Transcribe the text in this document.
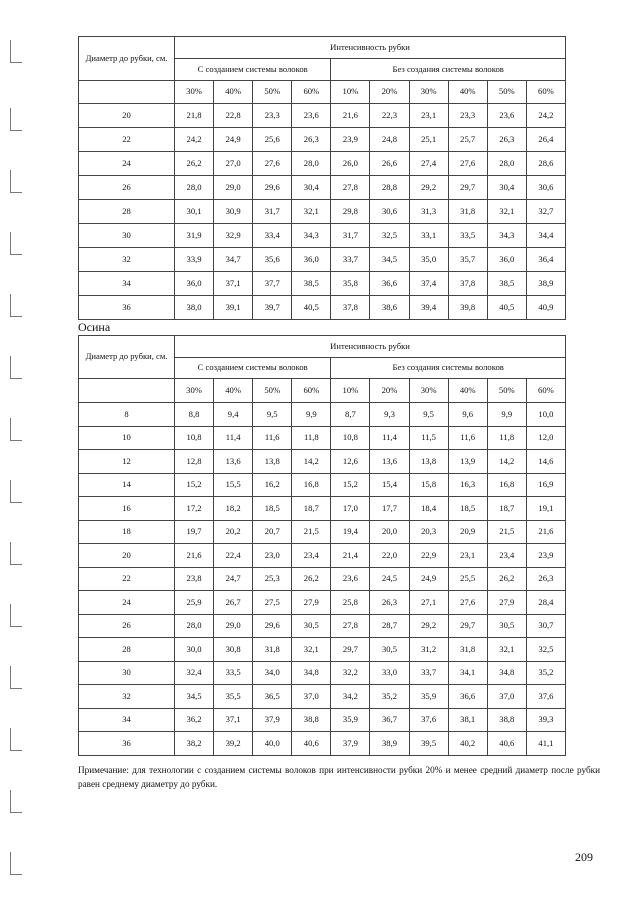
Диаметр до рубки, см.	Интенсивность рубки									
	С созданием системы волоков				Без создания системы волоков					
	30%	40%	50%	60%	10%	20%	30%	40%	50%	60%
20	21,8	22,8	23,3	23,6	21,6	22,3	23,1	23,3	23,6	24,2
22	24,2	24,9	25,6	26,3	23,9	24,8	25,1	25,7	26,3	26,4
24	26,2	27,0	27,6	28,0	26,0	26,6	27,4	27,6	28,0	28,6
26	28,0	29,0	29,6	30,4	27,8	28,8	29,2	29,7	30,4	30,6
28	30,1	30,9	31,7	32,1	29,8	30,6	31,3	31,8	32,1	32,7
30	31,9	32,9	33,4	34,3	31,7	32,5	33,1	33,5	34,3	34,4
32	33,9	34,7	35,6	36,0	33,7	34,5	35,0	35,7	36,0	36,4
34	36,0	37,1	37,7	38,5	35,8	36,6	37,4	37,8	38,5	38,9
36	38,0	39,1	39,7	40,5	37,8	38,6	39,4	39,8	40,5	40,9
Осина
Диаметр до рубки, см.	Интенсивность рубки									
	С созданием системы волоков				Без создания системы волоков					
	30%	40%	50%	60%	10%	20%	30%	40%	50%	60%
8	8,8	9,4	9,5	9,9	8,7	9,3	9,5	9,6	9,9	10,0
10	10,8	11,4	11,6	11,8	10,8	11,4	11,5	11,6	11,8	12,0
12	12,8	13,6	13,8	14,2	12,6	13,6	13,8	13,9	14,2	14,6
14	15,2	15,5	16,2	16,8	15,2	15,4	15,8	16,3	16,8	16,9
16	17,2	18,2	18,5	18,7	17,0	17,7	18,4	18,5	18,7	19,1
18	19,7	20,2	20,7	21,5	19,4	20,0	20,3	20,9	21,5	21,6
20	21,6	22,4	23,0	23,4	21,4	22,0	22,9	23,1	23,4	23,9
22	23,8	24,7	25,3	26,2	23,6	24,5	24,9	25,5	26,2	26,3
24	25,9	26,7	27,5	27,9	25,8	26,3	27,1	27,6	27,9	28,4
26	28,0	29,0	29,6	30,5	27,8	28,7	29,2	29,7	30,5	30,7
28	30,0	30,8	31,8	32,1	29,7	30,5	31,2	31,8	32,1	32,5
30	32,4	33,5	34,0	34,8	32,2	33,0	33,7	34,1	34,8	35,2
32	34,5	35,5	36,5	37,0	34,2	35,2	35,9	36,6	37,0	37,6
34	36,2	37,1	37,9	38,8	35,9	36,7	37,6	38,1	38,8	39,3
36	38,2	39,2	40,0	40,6	37,9	38,9	39,5	40,2	40,6	41,1

Примечание: для технологии с созданием системы волоков при интенсивности рубки 20% и менее средний диаметр после рубки равен среднему диаметру до рубки.

209
